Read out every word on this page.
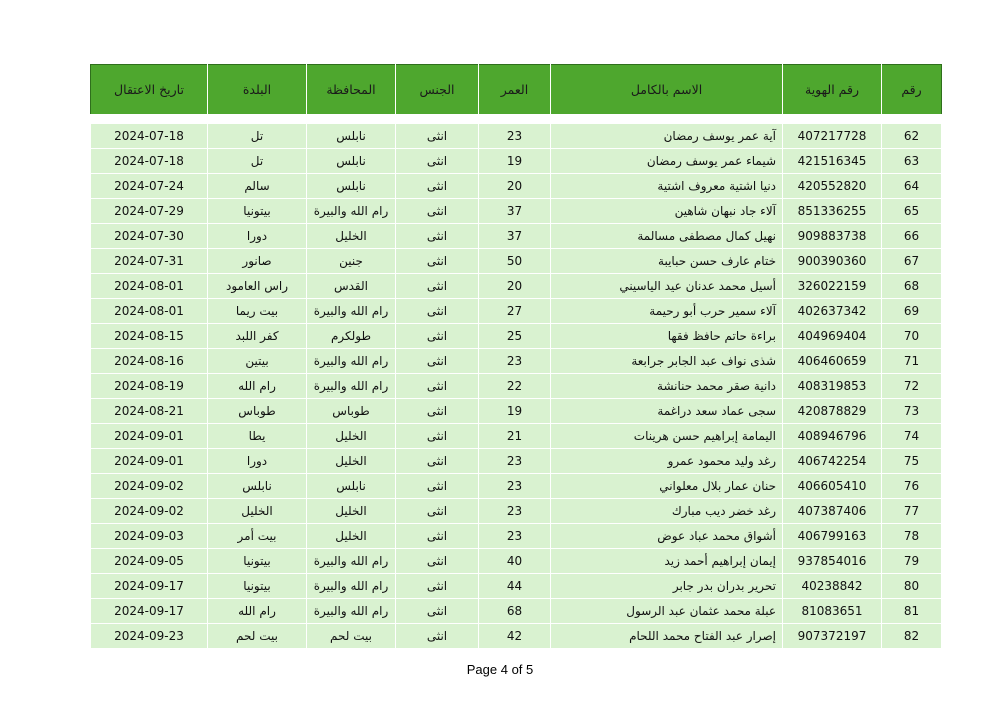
رقم	رقم الهوية	الاسم بالكامل	العمر	الجنس	المحافظة	البلدة	تاريخ الاعتقال

62	407217728	آية عمر يوسف رمضان	23	انثى	نابلس	تل	2024-07-18
63	421516345	شيماء عمر يوسف رمضان	19	انثى	نابلس	تل	2024-07-18
64	420552820	دنيا اشتية معروف اشتية	20	انثى	نابلس	سالم	2024-07-24
65	851336255	آلاء جاد نبهان شاهين	37	انثى	رام الله والبيرة	بيتونيا	2024-07-29
66	909883738	نهيل كمال مصطفى مسالمة	37	انثى	الخليل	دورا	2024-07-30
67	900390360	ختام عارف حسن حبايبة	50	انثى	جنين	صانور	2024-07-31
68	326022159	أسيل محمد عدنان عيد الياسيني	20	انثى	القدس	راس العامود	2024-08-01
69	402637342	آلاء سمير حرب أبو رحيمة	27	انثى	رام الله والبيرة	بيت ريما	2024-08-01
70	404969404	براءة حاتم حافظ فقها	25	انثى	طولكرم	كفر اللبد	2024-08-15
71	406460659	شذى نواف عبد الجابر جرابعة	23	انثى	رام الله والبيرة	بيتين	2024-08-16
72	408319853	دانية صقر محمد حنانشة	22	انثى	رام الله والبيرة	رام الله	2024-08-19
73	420878829	سجى عماد سعد دراغمة	19	انثى	طوباس	طوباس	2024-08-21
74	408946796	اليمامة إبراهيم حسن هرينات	21	انثى	الخليل	يطا	2024-09-01
75	406742254	رغد وليد محمود عمرو	23	انثى	الخليل	دورا	2024-09-01
76	406605410	حنان عمار بلال معلواني	23	انثى	نابلس	نابلس	2024-09-02
77	407387406	رغد خضر ديب مبارك	23	انثى	الخليل	الخليل	2024-09-02
78	406799163	أشواق محمد عباد عوض	23	انثى	الخليل	بيت أمر	2024-09-03
79	937854016	إيمان إبراهيم أحمد زيد	40	انثى	رام الله والبيرة	بيتونيا	2024-09-05
80	40238842	تحرير بدران بدر جابر	44	انثى	رام الله والبيرة	بيتونيا	2024-09-17
81	81083651	عبلة محمد عثمان عبد الرسول	68	انثى	رام الله والبيرة	رام الله	2024-09-17
82	907372197	إصرار عبد الفتاح محمد اللحام	42	انثى	بيت لحم	بيت لحم	2024-09-23
Page 4 of 5
